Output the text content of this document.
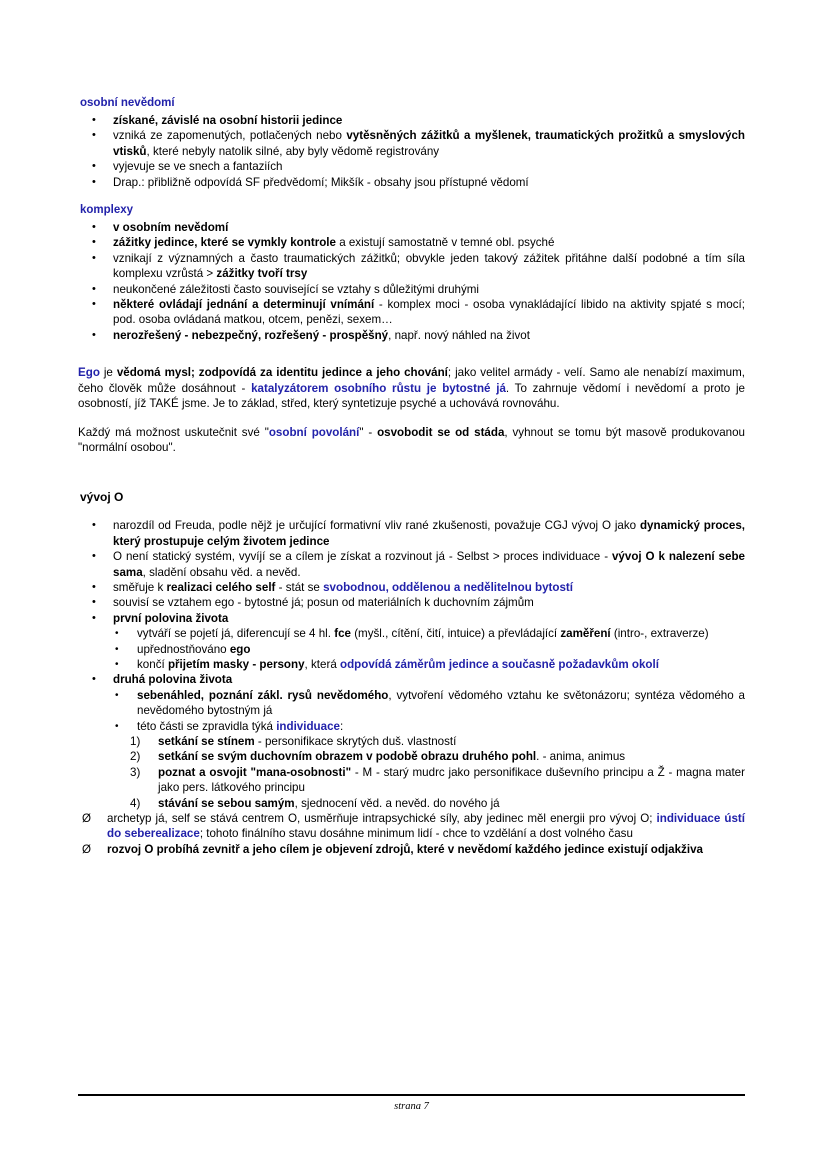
osobní nevědomí
• získané, závislé na osobní historii jedince
• vzniká ze zapomenutých, potlačených nebo vytěsněných zážitků a myšlenek, traumatických prožitků a smyslových vtisků, které nebyly natolik silné, aby byly vědomě registrovány
• vyjevuje se ve snech a fantaziích
• Drap.: přibližně odpovídá SF předvědomí; Mikšík - obsahy jsou přístupné vědomí
komplexy
• v osobním nevědomí
• zážitky jedince, které se vymkly kontrole a existují samostatně v temné obl. psyché
• vznikají z významných a často traumatických zážitků; obvykle jeden takový zážitek přitáhne další podobné a tím síla komplexu vzrůstá > zážitky tvoří trsy
• neukončené záležitosti často související se vztahy s důležitými druhými
• některé ovládají jednání a determinují vnímání - komplex moci - osoba vynakládající libido na aktivity spjaté s mocí; pod. osoba ovládaná matkou, otcem, penězi, sexem…
• nerozřešený - nebezpečný, rozřešený - prospěšný, např. nový náhled na život

Ego je vědomá mysl; zodpovídá za identitu jedince a jeho chování; jako velitel armády - velí. Samo ale nenabízí maximum, čeho člověk může dosáhnout - katalyzátorem osobního růstu je bytostné já. To zahrnuje vědomí i nevědomí a proto je osobností, jíž TAKÉ jsme. Je to základ, střed, který syntetizuje psyché a uchovává rovnováhu.

Každý má možnost uskutečnit své "osobní povolání" - osvobodit se od stáda, vyhnout se tomu být masově produkovanou "normální osobou".

vývoj O
• narozdíl od Freuda, podle nějž je určující formativní vliv rané zkušenosti, považuje CGJ vývoj O jako dynamický proces, který prostupuje celým životem jedince
• O není statický systém, vyvíjí se a cílem je získat a rozvinout já - Selbst > proces individuace - vývoj O k nalezení sebe sama, sladění obsahu věd. a nevěd.
• směřuje k realizaci celého self - stát se svobodnou, oddělenou a nedělitelnou bytostí
• souvisí se vztahem ego - bytostné já; posun od materiálních k duchovním zájmům
• první polovina života
• vytváří se pojetí já, diferencují se 4 hl. fce (myšl., cítění, čití, intuice) a převládající zaměření (intro-, extraverze)
• upřednostňováno ego
• končí přijetím masky - persony, která odpovídá záměrům jedince a současně požadavkům okolí
• druhá polovina života
• sebenáhled, poznání zákl. rysů nevědomého, vytvoření vědomého vztahu ke světonázoru; syntéza vědomého a nevědomého bytostným já
• této části se zpravidla týká individuace:
1)	setkání se stínem - personifikace skrytých duš. vlastností
2)	setkání se svým duchovním obrazem v podobě obrazu druhého pohl. - anima, animus
3)	poznat a osvojit "mana-osobnosti" - M - starý mudrc jako personifikace duševního principu a Ž - magna mater jako pers. látkového principu
4)	stávání se sebou samým, sjednocení věd. a nevěd. do nového já
Ø archetyp já, self se stává centrem O, usměrňuje intrapsychické síly, aby jedinec měl energii pro vývoj O; individuace ústí do seberealizace; tohoto finálního stavu dosáhne minimum lidí - chce to vzdělání a dost volného času
Ø rozvoj O probíhá zevnitř a jeho cílem je objevení zdrojů, které v nevědomí každého jedince existují odjakživa
strana 7
